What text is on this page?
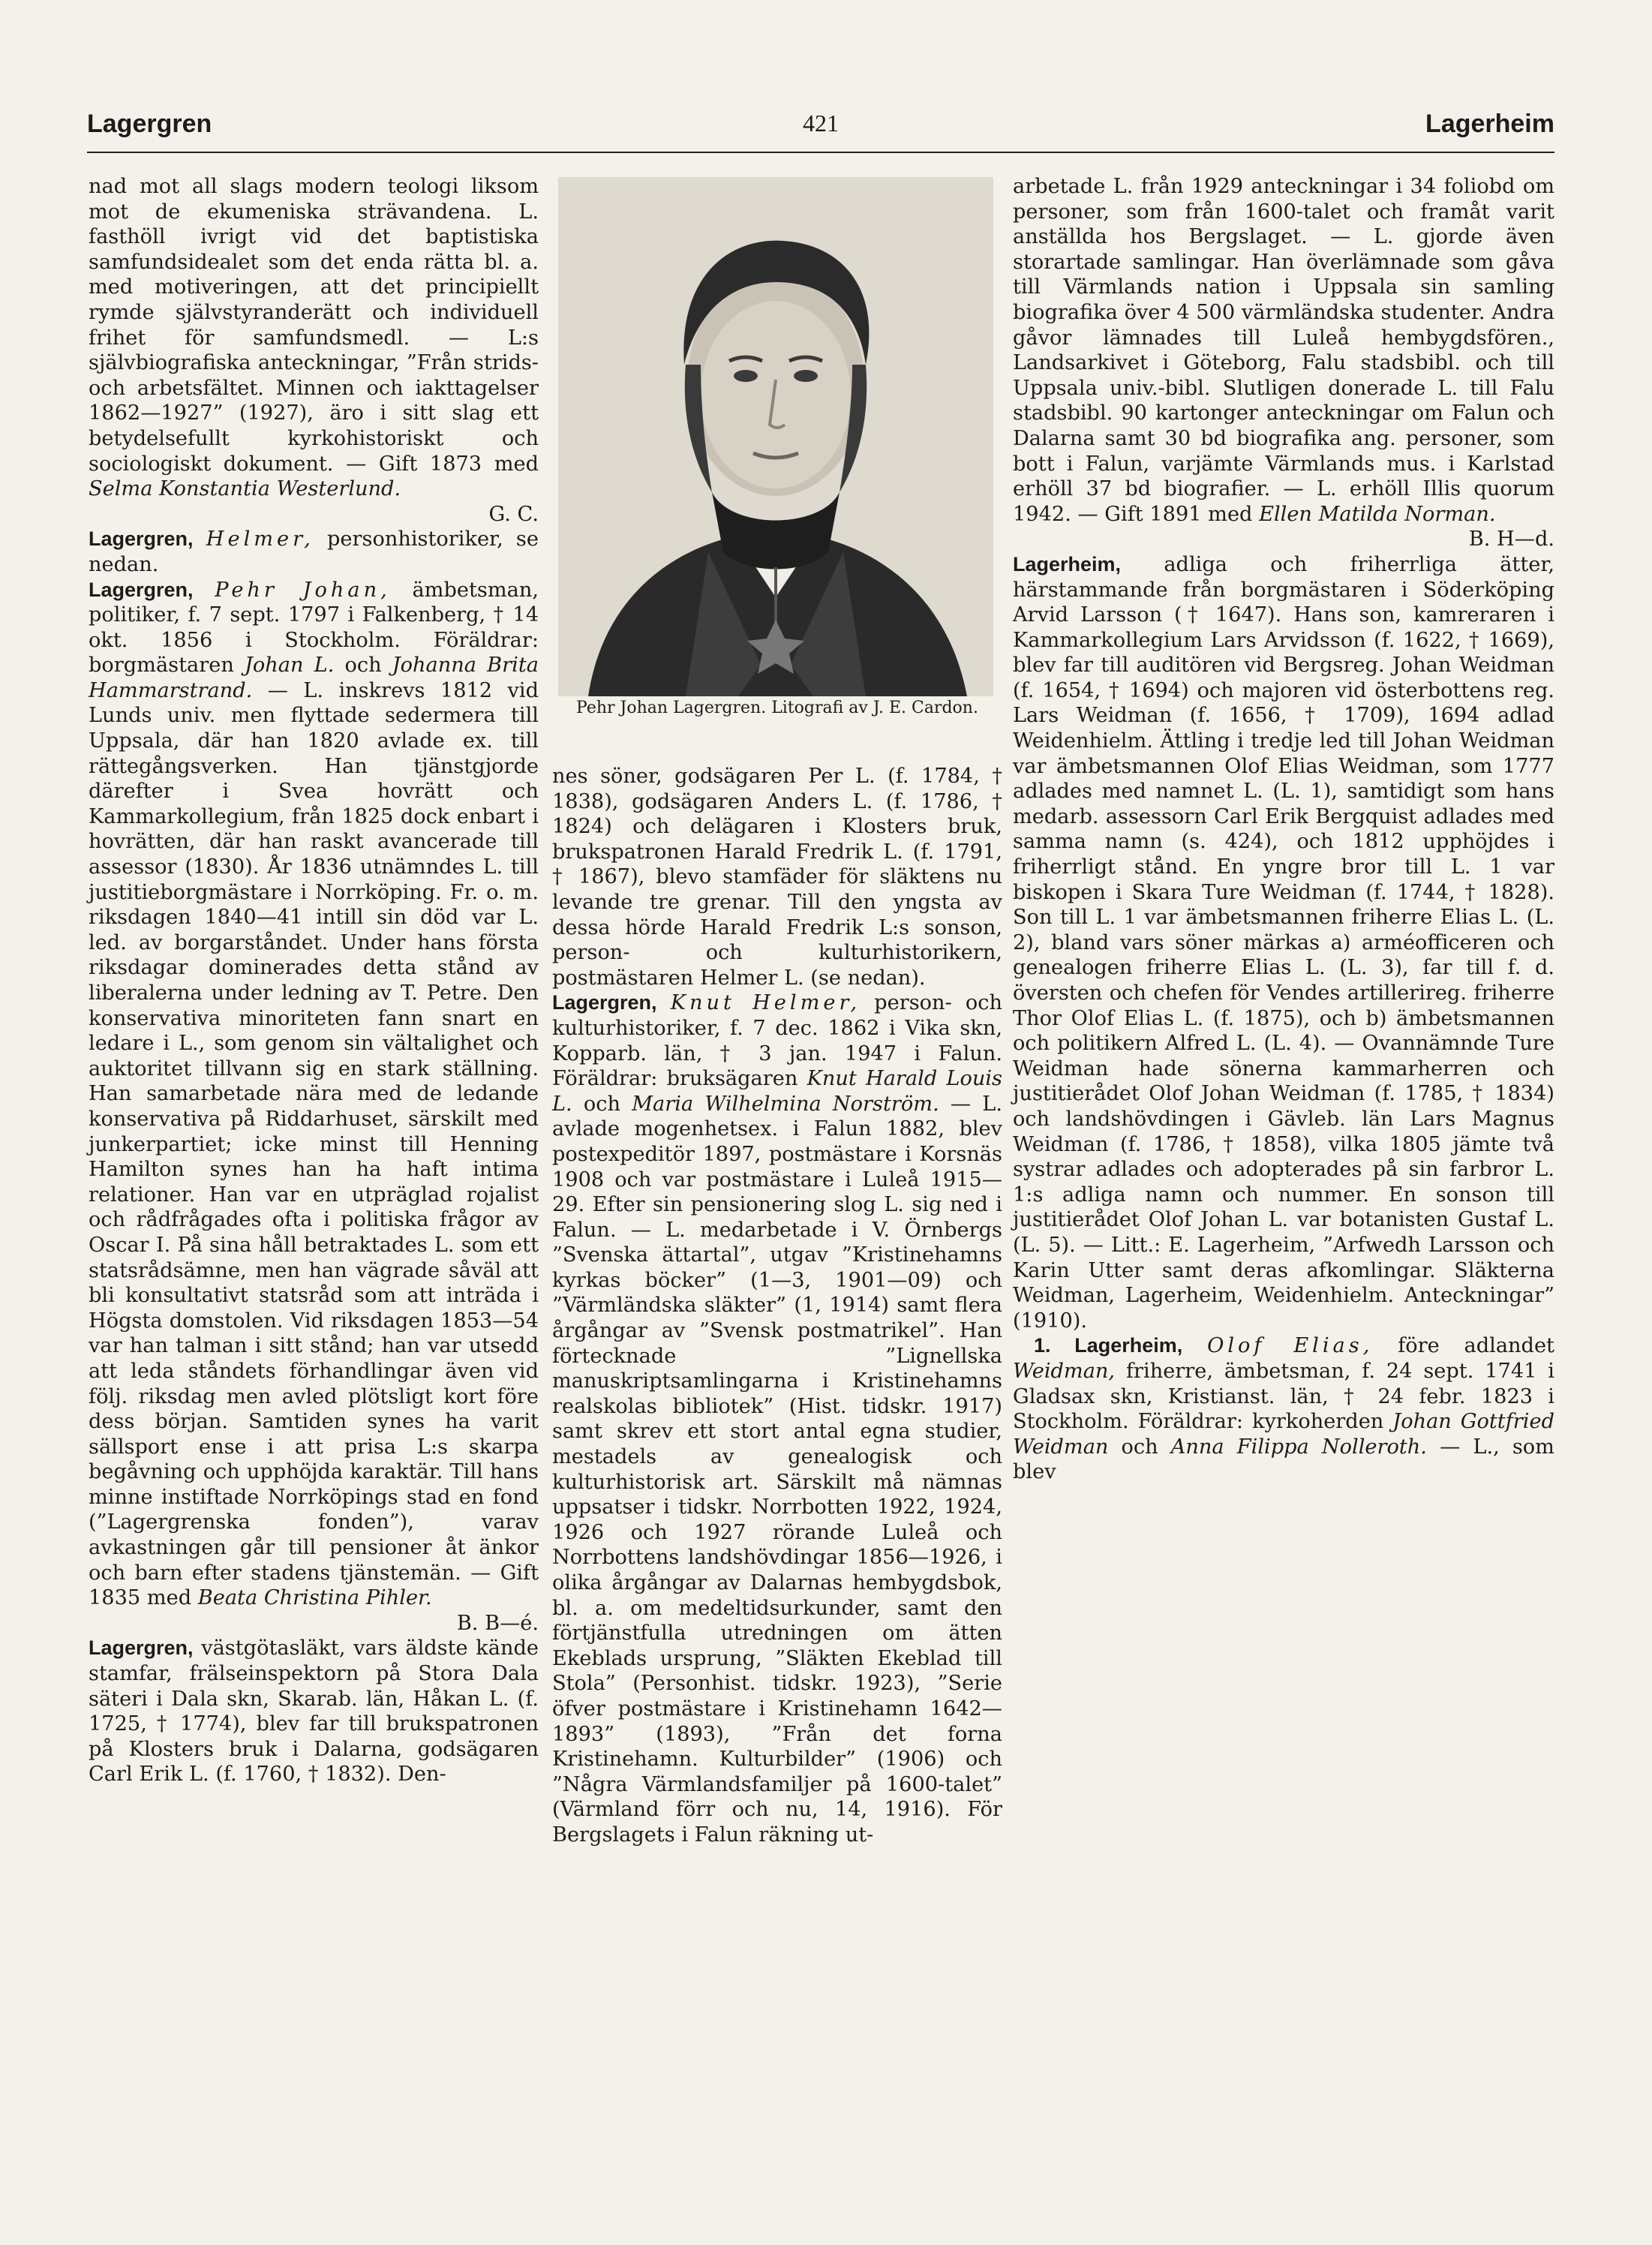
Lagergren	421	Lagerheim

nad mot all slags modern teologi liksom mot de ekumeniska strävandena. L. fasthöll ivrigt vid det baptistiska samfundsidealet som det enda rätta bl. a. med motiveringen, att det principiellt rymde självstyranderätt och individuell frihet för samfundsmedl. — L:s självbiografiska anteckningar, ”Från strids- och arbetsfältet. Minnen och iakttagelser 1862—1927” (1927), äro i sitt slag ett betydelsefullt kyrkohistoriskt och sociologiskt dokument. — Gift 1873 med Selma Konstantia Westerlund.
G. C.

Lagergren, Helmer, personhistoriker, se nedan.

Lagergren, Pehr Johan, ämbetsman, politiker, f. 7 sept. 1797 i Falkenberg, † 14 okt. 1856 i Stockholm. Föräldrar: borgmästaren Johan L. och Johanna Brita Hammarstrand. — L. inskrevs 1812 vid Lunds univ. men flyttade sedermera till Uppsala, där han 1820 avlade ex. till rättegångsverken. Han tjänstgjorde därefter i Svea hovrätt och Kammarkollegium, från 1825 dock enbart i hovrätten, där han raskt avancerade till assessor (1830). År 1836 utnämndes L. till justitieborgmästare i Norrköping. Fr. o. m. riksdagen 1840—41 intill sin död var L. led. av borgarståndet. Under hans första riksdagar dominerades detta stånd av liberalerna under ledning av T. Petre. Den konservativa minoriteten fann snart en ledare i L., som genom sin vältalighet och auktoritet tillvann sig en stark ställning. Han samarbetade nära med de ledande konservativa på Riddarhuset, särskilt med junkerpartiet; icke minst till Henning Hamilton synes han ha haft intima relationer. Han var en utpräglad rojalist och rådfrågades ofta i politiska frågor av Oscar I. På sina håll betraktades L. som ett statsrådsämne, men han vägrade såväl att bli konsultativt statsråd som att inträda i Högsta domstolen. Vid riksdagen 1853—54 var han talman i sitt stånd; han var utsedd att leda ståndets förhandlingar även vid följ. riksdag men avled plötsligt kort före dess början. Samtiden synes ha varit sällsport ense i att prisa L:s skarpa begåvning och upphöjda karaktär. Till hans minne instiftade Norrköpings stad en fond (”Lagergrenska fonden”), varav avkastningen går till pensioner åt änkor och barn efter stadens tjänstemän. — Gift 1835 med Beata Christina Pihler.
B. B—é.

Lagergren, västgötasläkt, vars äldste kände stamfar, frälseinspektorn på Stora Dala säteri i Dala skn, Skarab. län, Håkan L. (f. 1725, † 1774), blev far till brukspatronen på Klosters bruk i Dalarna, godsägaren Carl Erik L. (f. 1760, † 1832). Den-

Pehr Johan Lagergren. Litografi av J. E. Cardon.

nes söner, godsägaren Per L. (f. 1784, † 1838), godsägaren Anders L. (f. 1786, † 1824) och delägaren i Klosters bruk, brukspatronen Harald Fredrik L. (f. 1791, † 1867), blevo stamfäder för släktens nu levande tre grenar. Till den yngsta av dessa hörde Harald Fredrik L:s sonson, person- och kulturhistorikern, postmästaren Helmer L. (se nedan).

Lagergren, Knut Helmer, person- och kulturhistoriker, f. 7 dec. 1862 i Vika skn, Kopparb. län, † 3 jan. 1947 i Falun. Föräldrar: bruksägaren Knut Harald Louis L. och Maria Wilhelmina Norström. — L. avlade mogenhetsex. i Falun 1882, blev postexpeditör 1897, postmästare i Korsnäs 1908 och var postmästare i Luleå 1915—29. Efter sin pensionering slog L. sig ned i Falun. — L. medarbetade i V. Örnbergs ”Svenska ättartal”, utgav ”Kristinehamns kyrkas böcker” (1—3, 1901—09) och ”Värmländska släkter” (1, 1914) samt flera årgångar av ”Svensk postmatrikel”. Han förtecknade ”Lignellska manuskriptsamlingarna i Kristinehamns realskolas bibliotek” (Hist. tidskr. 1917) samt skrev ett stort antal egna studier, mestadels av genealogisk och kulturhistorisk art. Särskilt må nämnas uppsatser i tidskr. Norrbotten 1922, 1924, 1926 och 1927 rörande Luleå och Norrbottens landshövdingar 1856—1926, i olika årgångar av Dalarnas hembygdsbok, bl. a. om medeltidsurkunder, samt den förtjänstfulla utredningen om ätten Ekeblads ursprung, ”Släkten Ekeblad till Stola” (Personhist. tidskr. 1923), ”Serie öfver postmästare i Kristinehamn 1642—1893” (1893), ”Från det forna Kristinehamn. Kulturbilder” (1906) och ”Några Värmlandsfamiljer på 1600-talet” (Värmland förr och nu, 14, 1916). För Bergslagets i Falun räkning ut-

arbetade L. från 1929 anteckningar i 34 foliobd om personer, som från 1600-talet och framåt varit anställda hos Bergslaget. — L. gjorde även storartade samlingar. Han överlämnade som gåva till Värmlands nation i Uppsala sin samling biografika över 4 500 värmländska studenter. Andra gåvor lämnades till Luleå hembygdsfören., Landsarkivet i Göteborg, Falu stadsbibl. och till Uppsala univ.-bibl. Slutligen donerade L. till Falu stadsbibl. 90 kartonger anteckningar om Falun och Dalarna samt 30 bd biografika ang. personer, som bott i Falun, varjämte Värmlands mus. i Karlstad erhöll 37 bd biografier. — L. erhöll Illis quorum 1942. — Gift 1891 med Ellen Matilda Norman.
B. H—d.

Lagerheim, adliga och friherrliga ätter, härstammande från borgmästaren i Söderköping Arvid Larsson († 1647). Hans son, kamreraren i Kammarkollegium Lars Arvidsson (f. 1622, † 1669), blev far till auditören vid Bergsreg. Johan Weidman (f. 1654, † 1694) och majoren vid österbottens reg. Lars Weidman (f. 1656, † 1709), 1694 adlad Weidenhielm. Ättling i tredje led till Johan Weidman var ämbetsmannen Olof Elias Weidman, som 1777 adlades med namnet L. (L. 1), samtidigt som hans medarb. assessorn Carl Erik Bergquist adlades med samma namn (s. 424), och 1812 upphöjdes i friherrligt stånd. En yngre bror till L. 1 var biskopen i Skara Ture Weidman (f. 1744, † 1828). Son till L. 1 var ämbetsmannen friherre Elias L. (L. 2), bland vars söner märkas a) arméofficeren och genealogen friherre Elias L. (L. 3), far till f. d. översten och chefen för Vendes artillerireg. friherre Thor Olof Elias L. (f. 1875), och b) ämbetsmannen och politikern Alfred L. (L. 4). — Ovannämnde Ture Weidman hade sönerna kammarherren och justitierådet Olof Johan Weidman (f. 1785, † 1834) och landshövdingen i Gävleb. län Lars Magnus Weidman (f. 1786, † 1858), vilka 1805 jämte två systrar adlades och adopterades på sin farbror L. 1:s adliga namn och nummer. En sonson till justitierådet Olof Johan L. var botanisten Gustaf L. (L. 5). — Litt.: E. Lagerheim, ”Arfwedh Larsson och Karin Utter samt deras afkomlingar. Släkterna Weidman, Lagerheim, Weidenhielm. Anteckningar” (1910).

1. Lagerheim, Olof Elias, före adlandet Weidman, friherre, ämbetsman, f. 24 sept. 1741 i Gladsax skn, Kristianst. län, † 24 febr. 1823 i Stockholm. Föräldrar: kyrkoherden Johan Gottfried Weidman och Anna Filippa Nolleroth. — L., som blev
